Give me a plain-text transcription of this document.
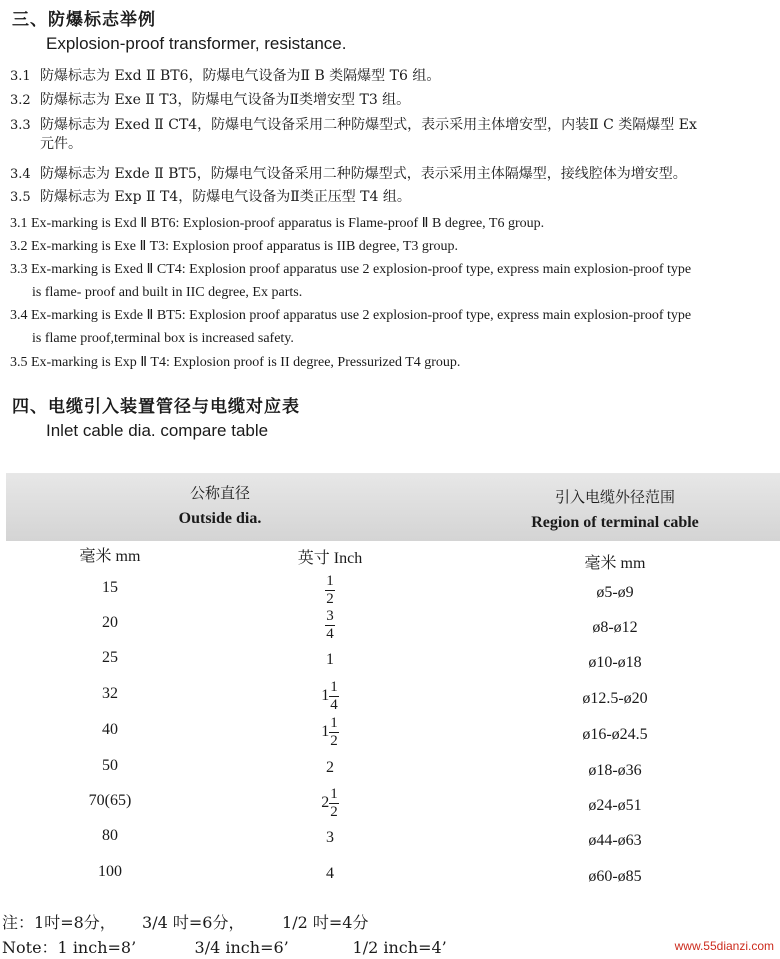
三、防爆标志举例
Explosion-proof transformer, resistance.
3.1 防爆标志为 Exd Ⅱ BT6，防爆电气设备为Ⅱ B 类隔爆型 T6 组。
3.2 防爆标志为 Exe Ⅱ T3，防爆电气设备为Ⅱ类增安型 T3 组。
3.3 防爆标志为 Exed Ⅱ CT4，防爆电气设备采用二种防爆型式，表示采用主体增安型，内装Ⅱ C 类隔爆型 Ex
元件。
3.4 防爆标志为 Exde Ⅱ BT5，防爆电气设备采用二种防爆型式，表示采用主体隔爆型，接线腔体为增安型。
3.5 防爆标志为 Exp Ⅱ T4，防爆电气设备为Ⅱ类正压型 T4 组。
3.1 Ex-marking is Exd Ⅱ BT6: Explosion-proof apparatus is Flame-proof Ⅱ B degree, T6 group.
3.2 Ex-marking is Exe Ⅱ T3: Explosion proof apparatus is IIB degree, T3 group.
3.3 Ex-marking is Exed Ⅱ CT4: Explosion proof apparatus use 2 explosion-proof type, express main explosion-proof type
is flame- proof and built in IIC degree, Ex parts.
3.4 Ex-marking is Exde Ⅱ BT5: Explosion proof apparatus use 2 explosion-proof type, express main explosion-proof type
is flame proof,terminal box is increased safety.
3.5 Ex-marking is Exp Ⅱ T4: Explosion proof is II degree, Pressurized T4 group.
四、电缆引入装置管径与电缆对应表
Inlet cable dia. compare table
公称直径
Outside dia.
引入电缆外径范围
Region of terminal cable
毫米 mm	英寸 Inch	毫米 mm
15	$\frac{1}{2}$	ø5-ø9
20	$\frac{3}{4}$	ø8-ø12
25	1	ø10-ø18
32	$1 \frac{1}{4}$	ø12.5-ø20
40	$1 \frac{1}{2}$	ø16-ø24.5
50	2	ø18-ø36
70(65)	$2 \frac{1}{2}$	ø24-ø51
80	3	ø44-ø63
100	4	ø60-ø85
注：1吋=8分， 3/4 吋=6分， 1/2 吋=4分
Note：1 inch=8’	3/4 inch=6’	1/2 inch=4’	www.55dianzi.com
